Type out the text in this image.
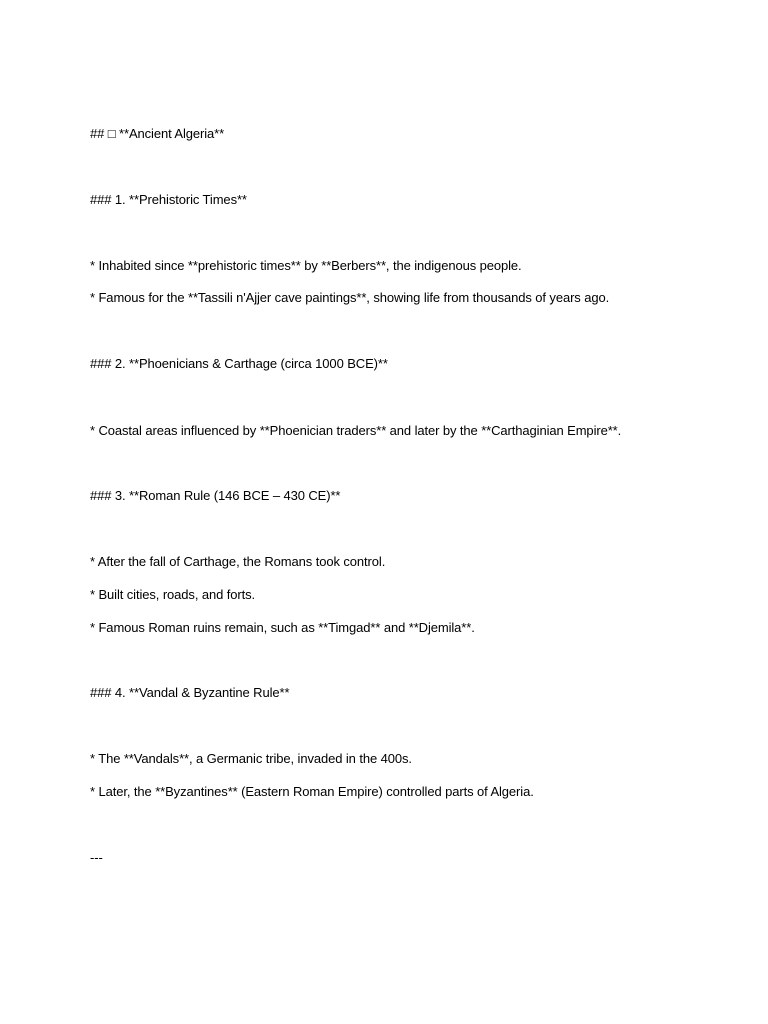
## □ **Ancient Algeria**
### 1. **Prehistoric Times**
* Inhabited since **prehistoric times** by **Berbers**, the indigenous people.
* Famous for the **Tassili n'Ajjer cave paintings**, showing life from thousands of years ago.
### 2. **Phoenicians & Carthage (circa 1000 BCE)**
* Coastal areas influenced by **Phoenician traders** and later by the **Carthaginian Empire**.
### 3. **Roman Rule (146 BCE – 430 CE)**
* After the fall of Carthage, the Romans took control.
* Built cities, roads, and forts.
* Famous Roman ruins remain, such as **Timgad** and **Djemila**.
### 4. **Vandal & Byzantine Rule**
* The **Vandals**, a Germanic tribe, invaded in the 400s.
* Later, the **Byzantines** (Eastern Roman Empire) controlled parts of Algeria.
---
